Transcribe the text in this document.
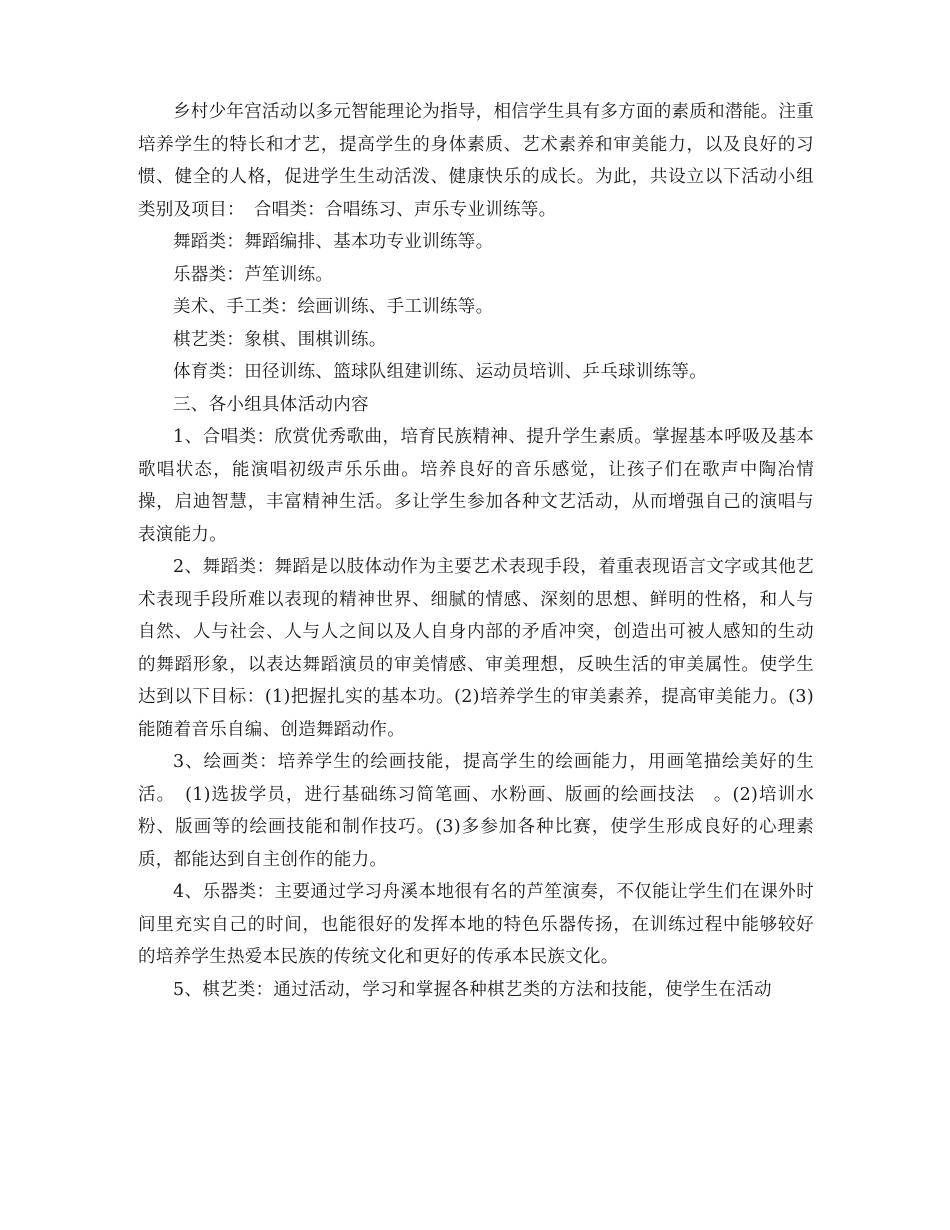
乡村少年宫活动以多元智能理论为指导，相信学生具有多方面的素质和潜能。注重培养学生的特长和才艺，提高学生的身体素质、艺术素养和审美能力，以及良好的习惯、健全的人格，促进学生生动活泼、健康快乐的成长。为此，共设立以下活动小组类别及项目：　合唱类：合唱练习、声乐专业训练等。

舞蹈类：舞蹈编排、基本功专业训练等。

乐器类：芦笙训练。

美术、手工类：绘画训练、手工训练等。

棋艺类：象棋、围棋训练。

体育类：田径训练、篮球队组建训练、运动员培训、乒乓球训练等。

三、各小组具体活动内容

1、合唱类：欣赏优秀歌曲，培育民族精神、提升学生素质。掌握基本呼吸及基本歌唱状态，能演唱初级声乐乐曲。培养良好的音乐感觉，让孩子们在歌声中陶冶情操，启迪智慧，丰富精神生活。多让学生参加各种文艺活动，从而增强自己的演唱与表演能力。

2、舞蹈类：舞蹈是以肢体动作为主要艺术表现手段，着重表现语言文字或其他艺术表现手段所难以表现的精神世界、细腻的情感、深刻的思想、鲜明的性格，和人与自然、人与社会、人与人之间以及人自身内部的矛盾冲突，创造出可被人感知的生动的舞蹈形象，以表达舞蹈演员的审美情感、审美理想，反映生活的审美属性。使学生达到以下目标：(1)把握扎实的基本功。(2)培养学生的审美素养，提高审美能力。(3)能随着音乐自编、创造舞蹈动作。

3、绘画类：培养学生的绘画技能，提高学生的绘画能力，用画笔描绘美好的生活。　(1)选拔学员，进行基础练习简笔画、水粉画、版画的绘画技法　。(2)培训水粉、版画等的绘画技能和制作技巧。(3)多参加各种比赛，使学生形成良好的心理素质，都能达到自主创作的能力。

4、乐器类：主要通过学习舟溪本地很有名的芦笙演奏，不仅能让学生们在课外时间里充实自己的时间，也能很好的发挥本地的特色乐器传扬，在训练过程中能够较好的培养学生热爱本民族的传统文化和更好的传承本民族文化。

5、棋艺类：通过活动，学习和掌握各种棋艺类的方法和技能，使学生在活动
